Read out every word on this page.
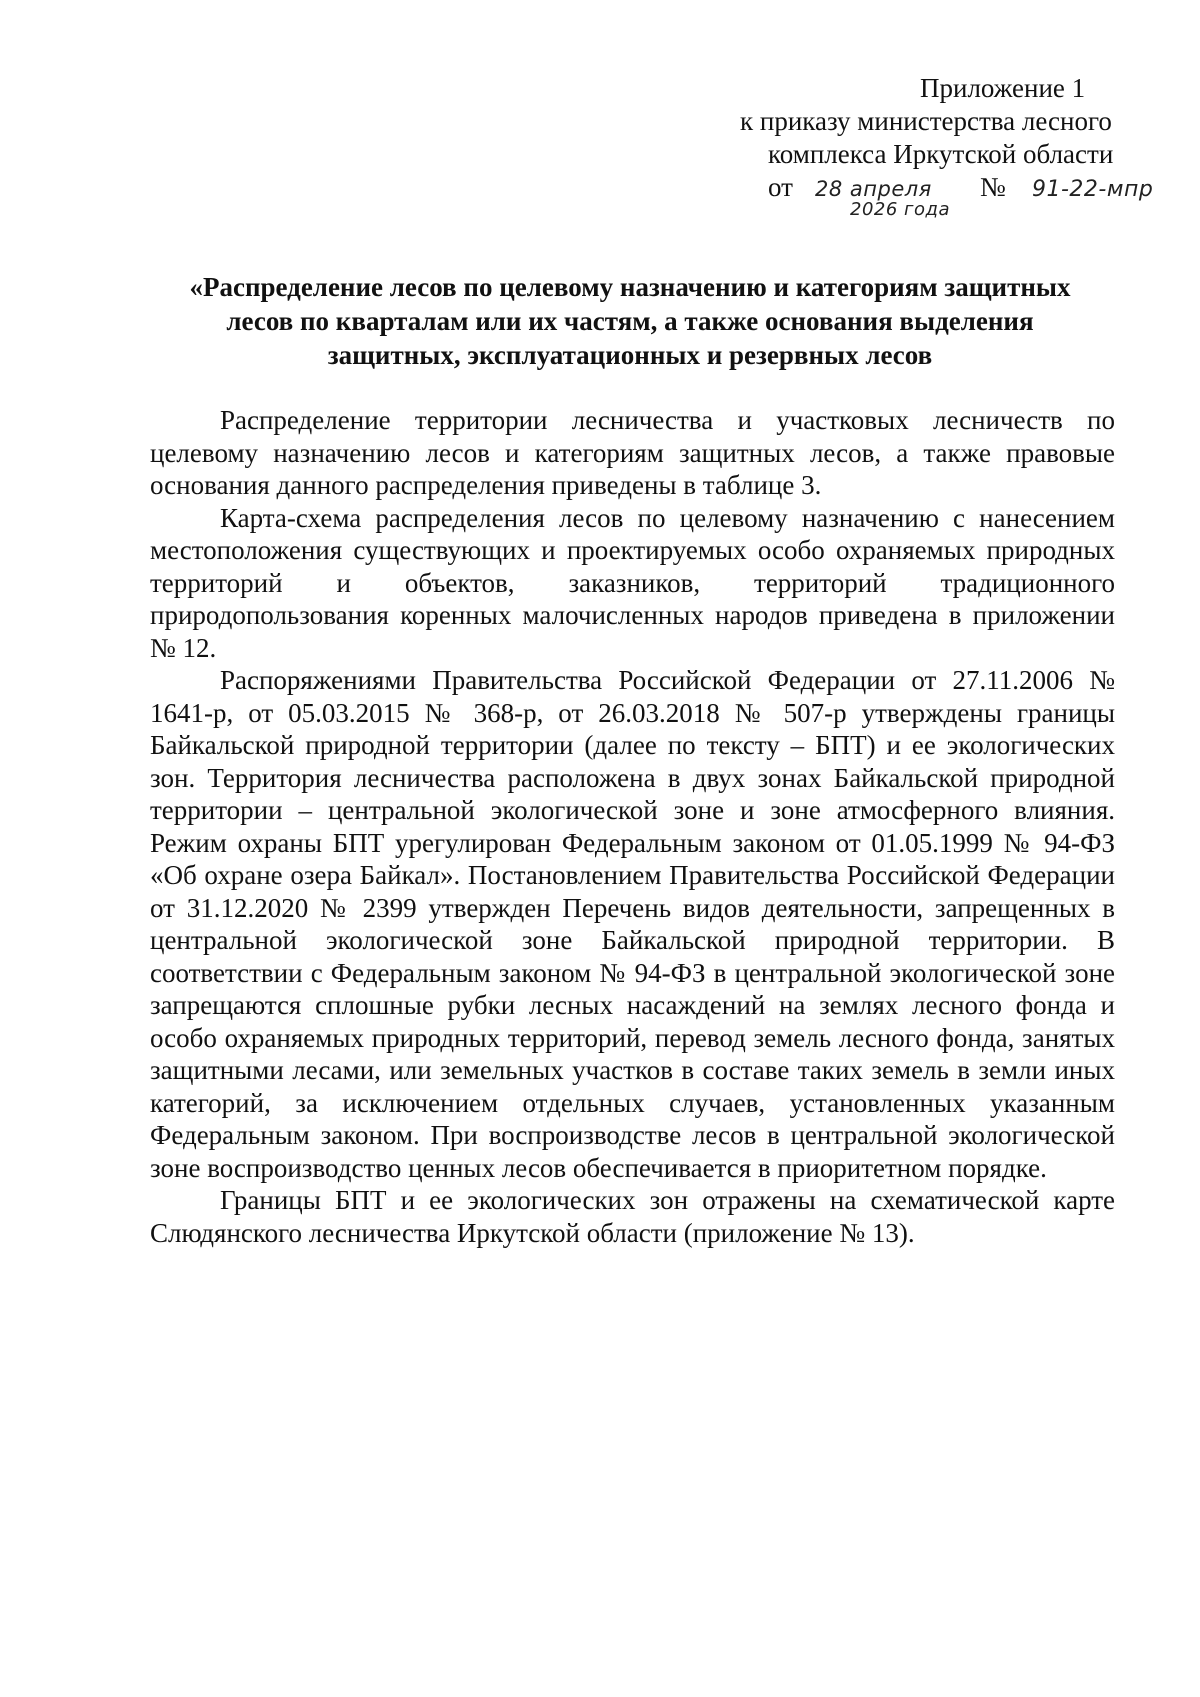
Приложение 1
к приказу министерства лесного
комплекса Иркутской области
от 28 апреля
2026 года
№ 91-22-мпр
«Распределение лесов по целевому назначению и категориям защитных
лесов по кварталам или их частям, а также основания выделения
защитных, эксплуатационных и резервных лесов

Распределение территории лесничества и участковых лесничеств по целевому назначению лесов и категориям защитных лесов, а также правовые основания данного распределения приведены в таблице 3.

Карта-схема распределения лесов по целевому назначению с нанесением местоположения существующих и проектируемых особо охраняемых природных территорий и объектов, заказников, территорий традиционного природопользования коренных малочисленных народов приведена в приложении № 12.

Распоряжениями Правительства Российской Федерации от 27.11.2006 № 1641-р, от 05.03.2015 № 368-р, от 26.03.2018 № 507-р утверждены границы Байкальской природной территории (далее по тексту – БПТ) и ее экологических зон. Территория лесничества расположена в двух зонах Байкальской природной территории – центральной экологической зоне и зоне атмосферного влияния. Режим охраны БПТ урегулирован Федеральным законом от 01.05.1999 № 94-ФЗ «Об охране озера Байкал». Постановлением Правительства Российской Федерации от 31.12.2020 № 2399 утвержден Перечень видов деятельности, запрещенных в центральной экологической зоне Байкальской природной территории. В соответствии с Федеральным законом № 94-ФЗ в центральной экологической зоне запрещаются сплошные рубки лесных насаждений на землях лесного фонда и особо охраняемых природных территорий, перевод земель лесного фонда, занятых защитными лесами, или земельных участков в составе таких земель в земли иных категорий, за исключением отдельных случаев, установленных указанным Федеральным законом. При воспроизводстве лесов в центральной экологической зоне воспроизводство ценных лесов обеспечивается в приоритетном порядке.

Границы БПТ и ее экологических зон отражены на схематической карте Слюдянского лесничества Иркутской области (приложение № 13).
